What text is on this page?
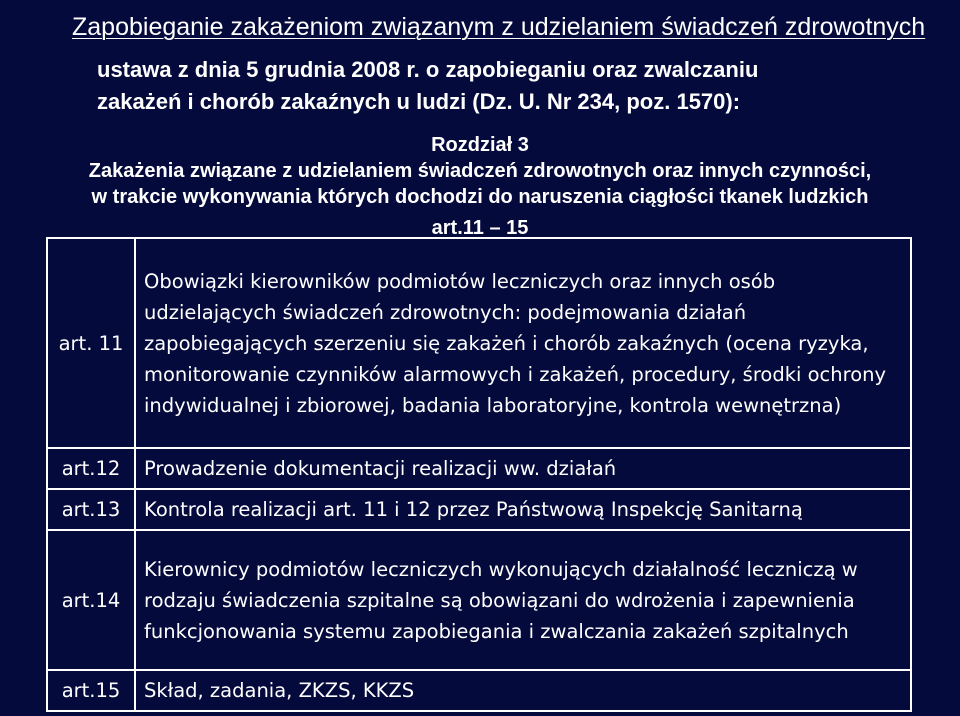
Zapobieganie zakażeniom związanym z udzielaniem świadczeń zdrowotnych
ustawa z dnia 5 grudnia 2008 r. o zapobieganiu oraz zwalczaniu zakażeń i chorób zakaźnych u ludzi (Dz. U. Nr 234, poz. 1570):
Rozdział 3
Zakażenia związane z udzielaniem świadczeń zdrowotnych oraz innych czynności,
w trakcie wykonywania których dochodzi do naruszenia ciągłości tkanek ludzkich
art.11 – 15
art. 11	Obowiązki kierowników podmiotów leczniczych oraz innych osób udzielających świadczeń zdrowotnych: podejmowania działań zapobiegających szerzeniu się zakażeń i chorób zakaźnych (ocena ryzyka, monitorowanie czynników alarmowych i zakażeń, procedury, środki ochrony indywidualnej i zbiorowej, badania laboratoryjne, kontrola wewnętrzna)
art.12	Prowadzenie dokumentacji realizacji ww. działań
art.13	Kontrola realizacji art. 11 i 12 przez Państwową Inspekcję Sanitarną
art.14	Kierownicy podmiotów leczniczych wykonujących działalność leczniczą w rodzaju świadczenia szpitalne są obowiązani do wdrożenia i zapewnienia funkcjonowania systemu zapobiegania i zwalczania zakażeń szpitalnych
art.15	Skład, zadania, ZKZS, KKZS
